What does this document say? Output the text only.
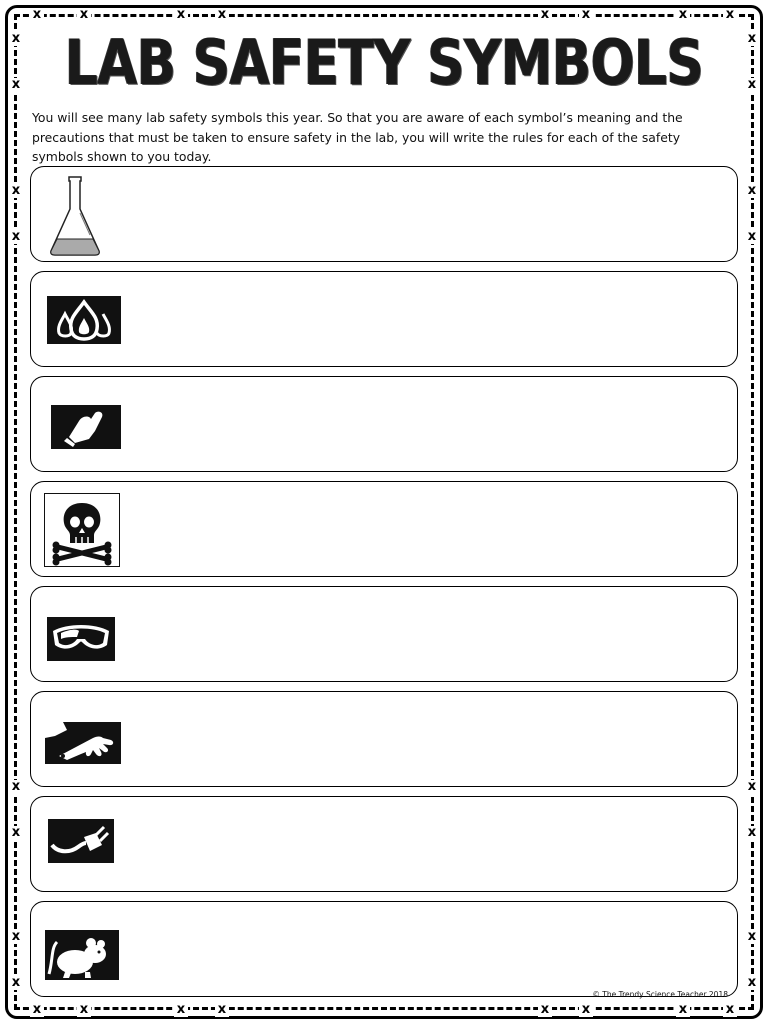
x	x	x	x	x	x	x	x
x	x	x	x	x	x	x	x
x
x
x
x
x
x
x
x
x
x
x
x
x
x
x
x
LAB SAFETY SYMBOLS
You will see many lab safety symbols this year. So that you are aware of each symbol’s meaning and the precautions that must be taken to ensure safety in the lab, you will write the rules for each of the safety symbols shown to you today.
© The Trendy Science Teacher 2018
